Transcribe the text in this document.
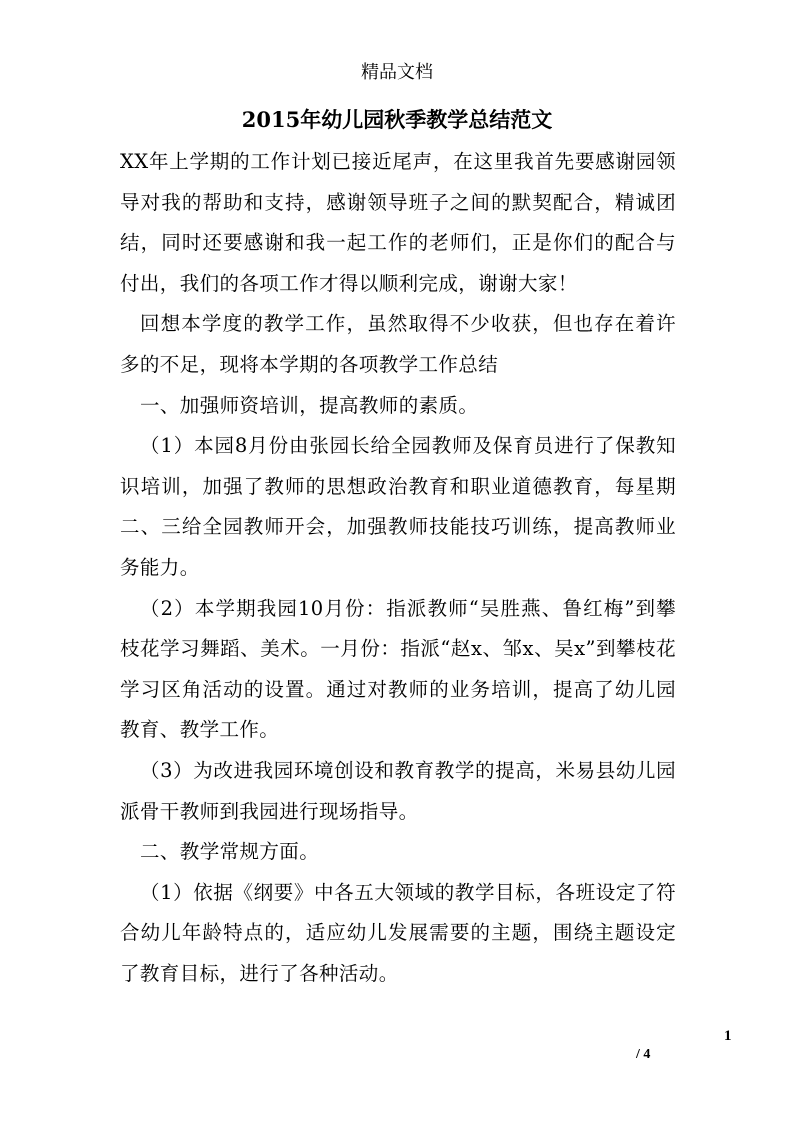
精品文档
2015年幼儿园秋季教学总结范文

XX年上学期的工作计划已接近尾声，在这里我首先要感谢园领导对我的帮助和支持，感谢领导班子之间的默契配合，精诚团结，同时还要感谢和我一起工作的老师们，正是你们的配合与付出，我们的各项工作才得以顺利完成，谢谢大家！

回想本学度的教学工作，虽然取得不少收获，但也存在着许多的不足，现将本学期的各项教学工作总结

一、加强师资培训，提高教师的素质。

（1）本园8月份由张园长给全园教师及保育员进行了保教知识培训，加强了教师的思想政治教育和职业道德教育，每星期二、三给全园教师开会，加强教师技能技巧训练，提高教师业务能力。

（2）本学期我园10月份：指派教师“吴胜燕、鲁红梅”到攀枝花学习舞蹈、美术。一月份：指派“赵x、邹x、吴x”到攀枝花学习区角活动的设置。通过对教师的业务培训，提高了幼儿园教育、教学工作。

（3）为改进我园环境创设和教育教学的提高，米易县幼儿园派骨干教师到我园进行现场指导。

二、教学常规方面。

（1）依据《纲要》中各五大领域的教学目标，各班设定了符合幼儿年龄特点的，适应幼儿发展需要的主题，围绕主题设定了教育目标，进行了各种活动。

1
/ 4
